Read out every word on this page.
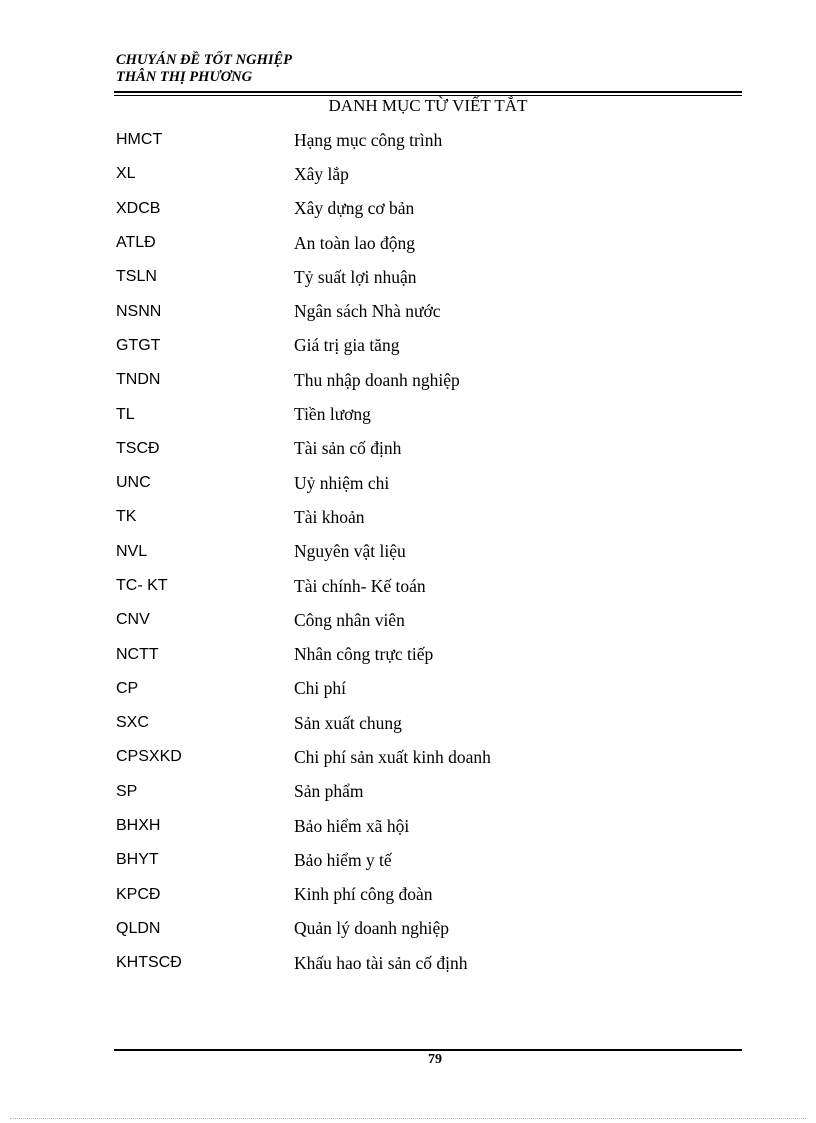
CHUYÁN ĐỀ TỐT NGHIỆP
THÂN THỊ PHƯƠNG
DANH MỤC TỪ VIẾT TẮT
HMCT	Hạng mục công trình
XL	Xây lắp
XDCB	Xây dựng cơ bản
ATLĐ	An toàn lao động
TSLN	Tỷ suất lợi nhuận
NSNN	Ngân sách Nhà nước
GTGT	Giá trị gia tăng
TNDN	Thu nhập doanh nghiệp
TL	Tiền lương
TSCĐ	Tài sản cố định
UNC	Uỷ nhiệm chi
TK	Tài khoản
NVL	Nguyên vật liệu
TC- KT	Tài chính- Kế toán
CNV	Công nhân viên
NCTT	Nhân công trực tiếp
CP	Chi phí
SXC	Sản xuất chung
CPSXKD	Chi phí sản xuất kinh doanh
SP	Sản phẩm
BHXH	Bảo hiểm xã hội
BHYT	Bảo hiểm y tế
KPCĐ	Kinh phí công đoàn
QLDN	Quản lý doanh nghiệp
KHTSCĐ	Khấu hao tài sản cố định
79
